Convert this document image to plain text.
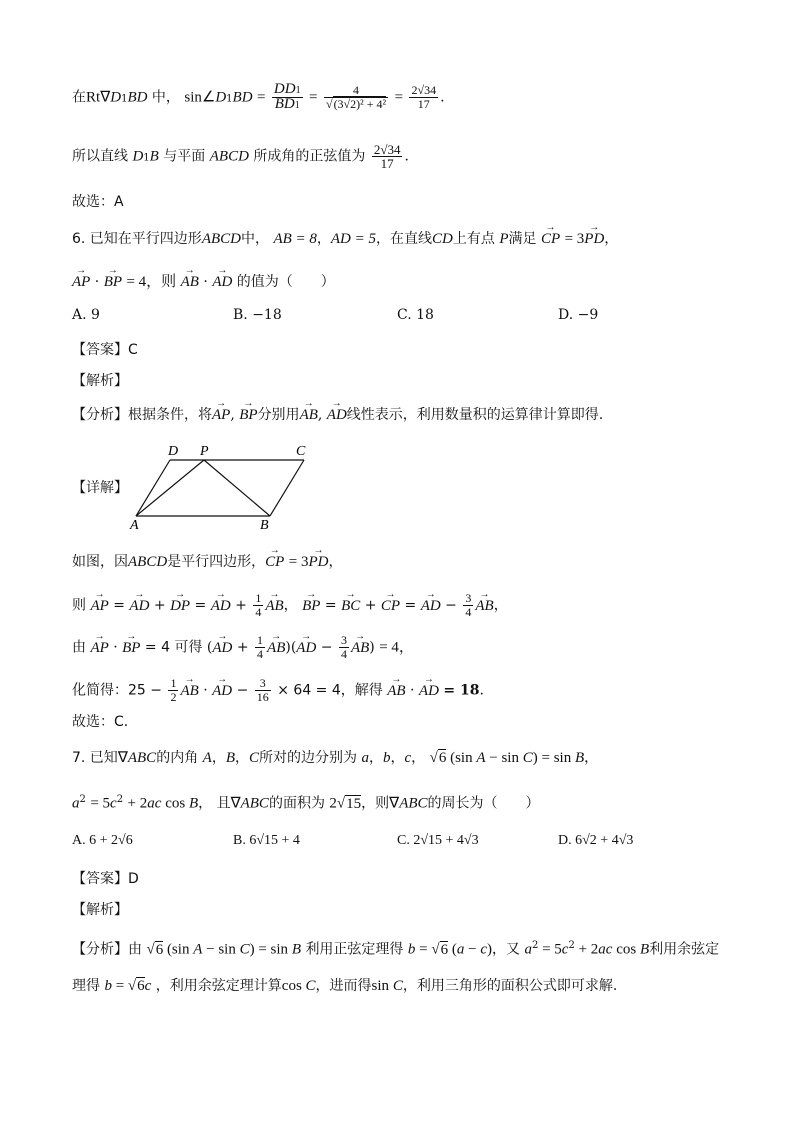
在Rt∇D1BD 中， sin∠D1BD = $\frac{DD1}{BD1} = \frac{4}{\text{√(3√2)² + 4²}} = \frac{2√34}{17}$ .
所以直线 D1B 与平面 ABCD 所成角的正弦值为 $\frac{2√34}{17}$ .
故选：A
6. 已知在平行四边形ABCD中， AB = 8，AD = 5，在直线CD上有点 P满足 → CP = 3→ PD，
→ AP · → BP = 4，则 → AB · → AD 的值为（　　）
A. 9	B. −18	C. 18	D. −9
【答案】C
【解析】
【分析】根据条件，将→ AP, → BP分别用→ AB, → AD线性表示，利用数量积的运算律计算即得.
【详解】
D P	C
A	B
如图，因ABCD是平行四边形，→ CP = 3→ PD，
则 → AP = → AD + → DP = → AD + $\frac{1}{4}$
→ AB， → BP = → BC + → CP = → AD − $\frac{3}{4}$
→ AB，
由 → AP · → BP = 4 可得 (→ AD + $\frac{1}{4}$
→ AB)(→ AD − $\frac{3}{4}$
→ AB) = 4，
化简得：$25 - \frac{1}{2}$
→ AB · → AD − $\frac{3}{16} \times 64 = 4$，解得 → AB · → AD = 18.
故选：C.
7. 已知∇ABC的内角 A，B，C所对的边分别为 a，b，c， √6 (sin A − sin C) = sin B，
$a^2 = 5c^2 + 2ac$ cos B， 且∇ABC的面积为 2√15，则∇ABC的周长为（　　）
A. 6 + 2√6	B. 6√15 + 4	C. 2√15 + 4√3	D. 6√2 + 4√3
【答案】D
【解析】
【分析】由 √6 (sin A − sin C) = sin B 利用正弦定理得 b = √6 (a − c)，又 $a^2 = 5c^2 + 2ac$ cos B利用余弦定
理得 b = √6c ，利用余弦定理计算cos C，进而得sin C，利用三角形的面积公式即可求解.
